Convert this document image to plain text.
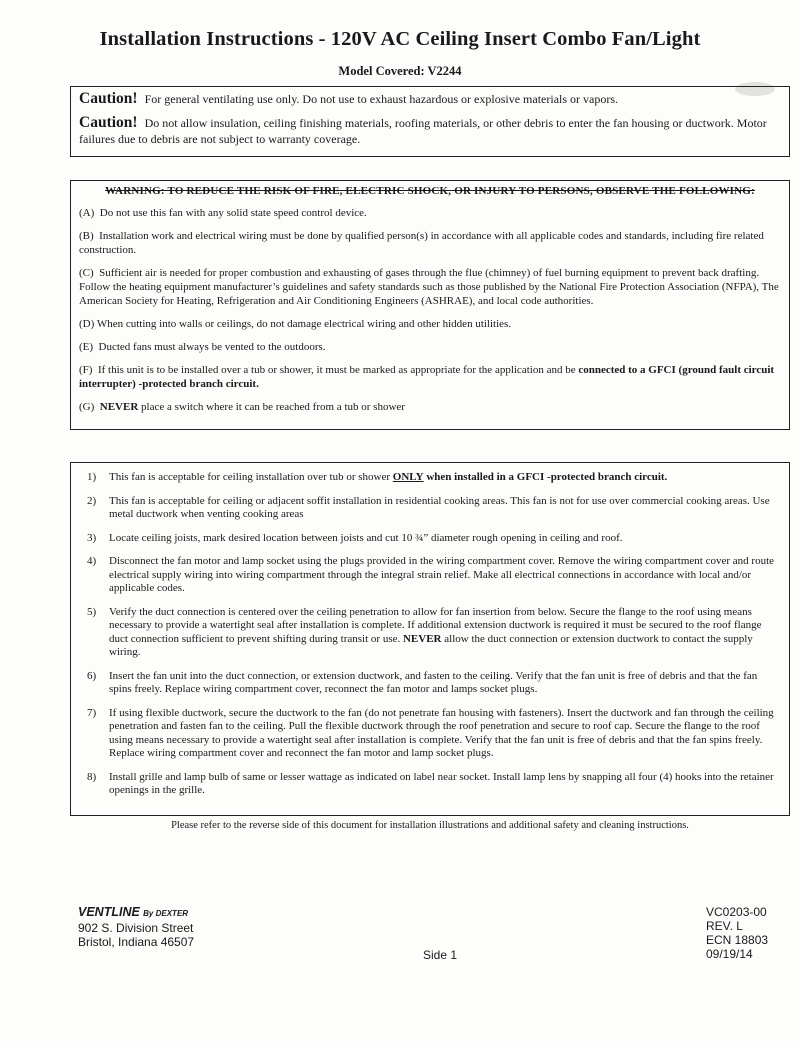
Installation Instructions - 120V AC Ceiling Insert Combo Fan/Light
Model Covered: V2244

Caution! For general ventilating use only. Do not use to exhaust hazardous or explosive materials or vapors.

Caution! Do not allow insulation, ceiling finishing materials, roofing materials, or other debris to enter the fan housing or ductwork. Motor failures due to debris are not subject to warranty coverage.

WARNING: TO REDUCE THE RISK OF FIRE, ELECTRIC SHOCK, OR INJURY TO PERSONS, OBSERVE THE FOLLOWING:

(A) Do not use this fan with any solid state speed control device.

(B) Installation work and electrical wiring must be done by qualified person(s) in accordance with all applicable codes and standards, including fire related construction.

(C) Sufficient air is needed for proper combustion and exhausting of gases through the flue (chimney) of fuel burning equipment to prevent back drafting. Follow the heating equipment manufacturer’s guidelines and safety standards such as those published by the National Fire Protection Association (NFPA), The American Society for Heating, Refrigeration and Air Conditioning Engineers (ASHRAE), and local code authorities.

(D) When cutting into walls or ceilings, do not damage electrical wiring and other hidden utilities.

(E) Ducted fans must always be vented to the outdoors.

(F) If this unit is to be installed over a tub or shower, it must be marked as appropriate for the application and be connected to a GFCI (ground fault circuit interrupter) -protected branch circuit.

(G) NEVER place a switch where it can be reached from a tub or shower

1)	This fan is acceptable for ceiling installation over tub or shower ONLY when installed in a GFCI -protected branch circuit.
2)	This fan is acceptable for ceiling or adjacent soffit installation in residential cooking areas. This fan is not for use over commercial cooking areas. Use metal ductwork when venting cooking areas
3)	Locate ceiling joists, mark desired location between joists and cut 10 ¾” diameter rough opening in ceiling and roof.
4)	Disconnect the fan motor and lamp socket using the plugs provided in the wiring compartment cover. Remove the wiring compartment cover and route electrical supply wiring into wiring compartment through the integral strain relief. Make all electrical connections in accordance with local and/or applicable codes.
5)	Verify the duct connection is centered over the ceiling penetration to allow for fan insertion from below. Secure the flange to the roof using means necessary to provide a watertight seal after installation is complete. If additional extension ductwork is required it must be secured to the roof flange duct connection sufficient to prevent shifting during transit or use. NEVER allow the duct connection or extension ductwork to contact the supply wiring.
6)	Insert the fan unit into the duct connection, or extension ductwork, and fasten to the ceiling. Verify that the fan unit is free of debris and that the fan spins freely. Replace wiring compartment cover, reconnect the fan motor and lamps socket plugs.
7)	If using flexible ductwork, secure the ductwork to the fan (do not penetrate fan housing with fasteners). Insert the ductwork and fan through the ceiling penetration and fasten fan to the ceiling. Pull the flexible ductwork through the roof penetration and secure to roof cap. Secure the flange to the roof using means necessary to provide a watertight seal after installation is complete. Verify that the fan unit is free of debris and that the fan spins freely. Replace wiring compartment cover and reconnect the fan motor and lamp socket plugs.
8)	Install grille and lamp bulb of same or lesser wattage as indicated on label near socket. Install lamp lens by snapping all four (4) hooks into the retainer openings in the grille.
Please refer to the reverse side of this document for installation illustrations and additional safety and cleaning instructions.
VENTLINE By DEXTER
902 S. Division Street
Bristol, Indiana 46507
Side 1
VC0203-00
REV. L
ECN 18803
09/19/14
